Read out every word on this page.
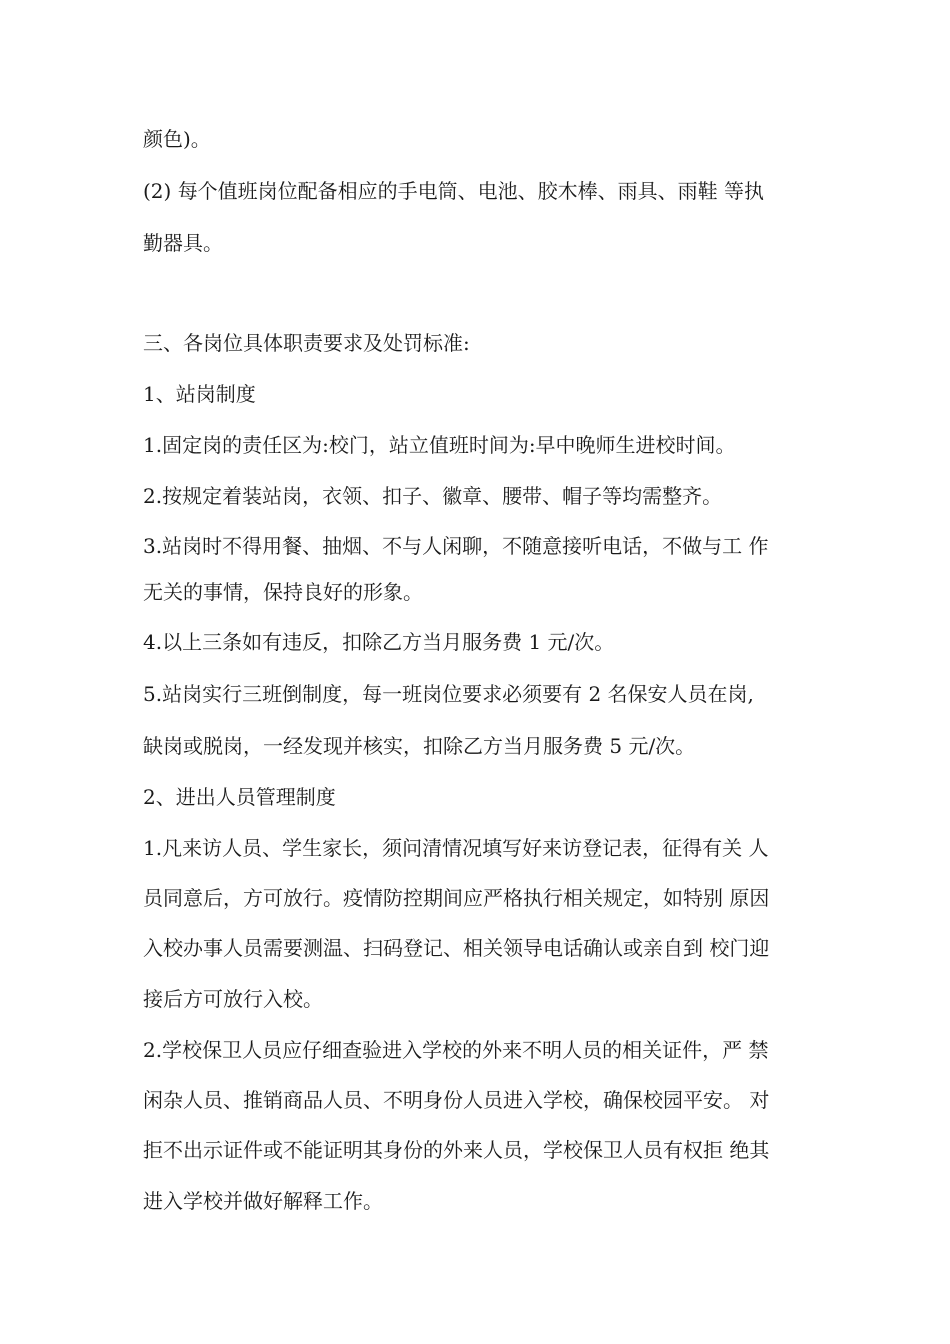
颜色)。
(2) 每个值班岗位配备相应的手电筒、电池、胶木棒、雨具、雨鞋 等执
勤器具。
三、各岗位具体职责要求及处罚标准:
1、站岗制度
1.固定岗的责任区为:校门，站立值班时间为:早中晚师生进校时间。
2.按规定着装站岗，衣领、扣子、徽章、腰带、帽子等均需整齐。
3.站岗时不得用餐、抽烟、不与人闲聊，不随意接听电话，不做与工 作
无关的事情，保持良好的形象。
4.以上三条如有违反，扣除乙方当月服务费 1 元/次。
5.站岗实行三班倒制度，每一班岗位要求必须要有 2 名保安人员在岗,
缺岗或脱岗，一经发现并核实，扣除乙方当月服务费 5 元/次。
2、进出人员管理制度
1.凡来访人员、学生家长，须问清情况填写好来访登记表，征得有关 人
员同意后，方可放行。疫情防控期间应严格执行相关规定，如特别 原因
入校办事人员需要测温、扫码登记、相关领导电话确认或亲自到 校门迎
接后方可放行入校。
2.学校保卫人员应仔细查验进入学校的外来不明人员的相关证件，严 禁
闲杂人员、推销商品人员、不明身份人员进入学校，确保校园平安。 对
拒不出示证件或不能证明其身份的外来人员，学校保卫人员有权拒 绝其
进入学校并做好解释工作。
